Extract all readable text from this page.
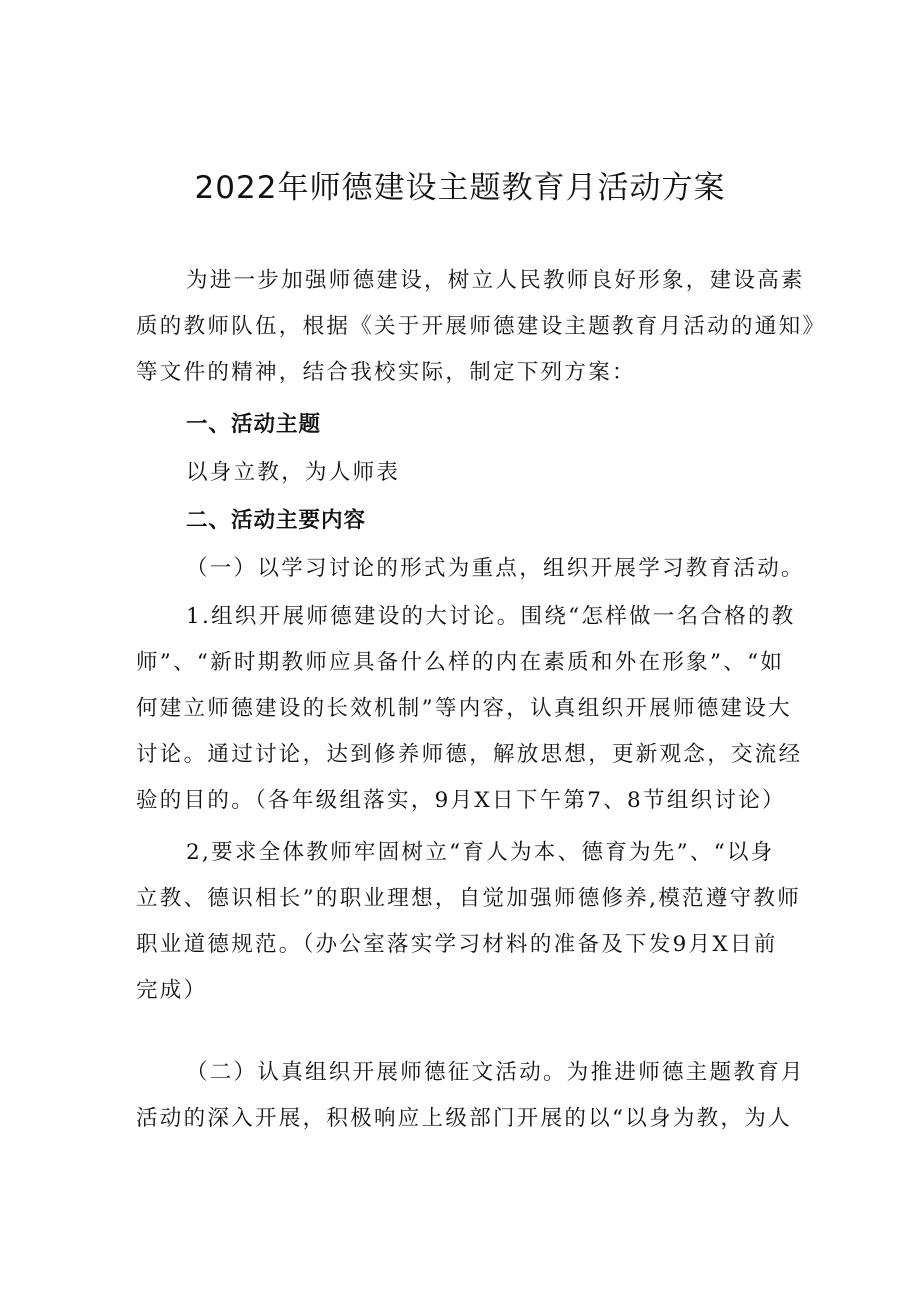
2022年师德建设主题教育月活动方案
为进一步加强师德建设，树立人民教师良好形象，建设高素
质的教师队伍，根据《关于开展师德建设主题教育月活动的通知》
等文件的精神，结合我校实际，制定下列方案：
一、活动主题
以身立教，为人师表
二、活动主要内容
（一）以学习讨论的形式为重点，组织开展学习教育活动。
1.组织开展师德建设的大讨论。围绕“怎样做一名合格的教
师”、“新时期教师应具备什么样的内在素质和外在形象”、“如
何建立师德建设的长效机制”等内容，认真组织开展师德建设大
讨论。通过讨论，达到修养师德，解放思想，更新观念，交流经
验的目的。（各年级组落实，9月X日下午第7、8节组织讨论）
2,要求全体教师牢固树立“育人为本、德育为先”、“以身
立教、德识相长”的职业理想，自觉加强师德修养,模范遵守教师
职业道德规范。（办公室落实学习材料的准备及下发9月X日前
完成）
（二）认真组织开展师德征文活动。为推进师德主题教育月
活动的深入开展，积极响应上级部门开展的以“以身为教，为人
